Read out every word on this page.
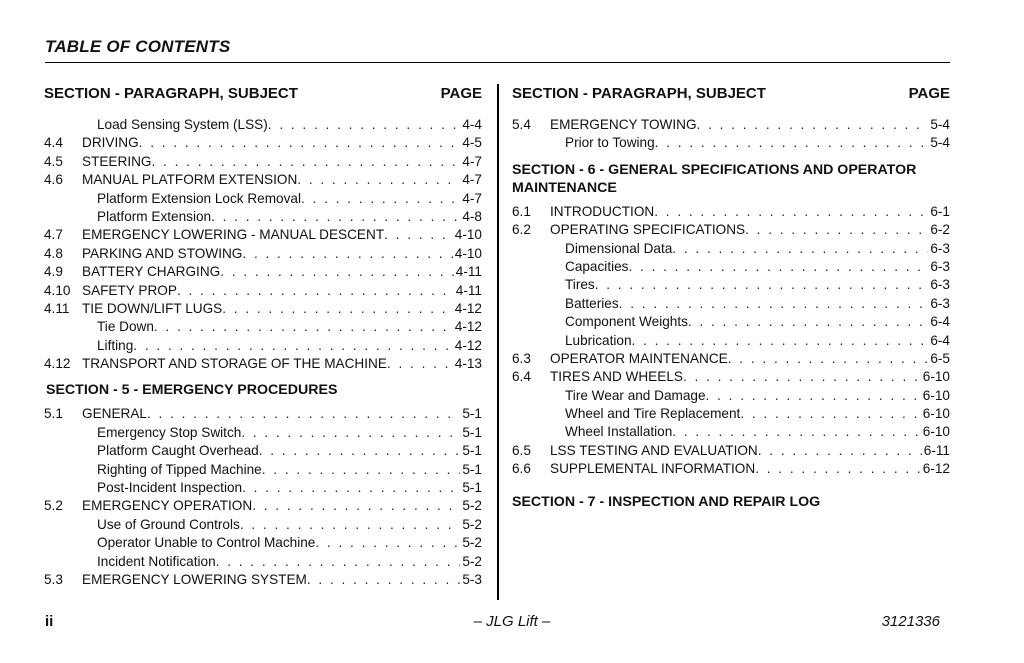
TABLE OF CONTENTS
SECTION - PARAGRAPH, SUBJECT	PAGE
Load Sensing System (LSS) . . .	4-4
4.4	DRIVING . . .	4-5
4.5	STEERING . . .	4-7
4.6	MANUAL PLATFORM EXTENSION . . .	4-7
Platform Extension Lock Removal . . .	4-7
Platform Extension . . .	4-8
4.7	EMERGENCY LOWERING - MANUAL DESCENT . . .	4-10
4.8	PARKING AND STOWING . . .	4-10
4.9	BATTERY CHARGING . . .	4-11
4.10 SAFETY PROP . . .	4-11
4.11 TIE DOWN/LIFT LUGS . . .	4-12
Tie Down . . .	4-12
Lifting . . .	4-12
4.12 TRANSPORT AND STORAGE OF THE MACHINE . . .	4-13
SECTION - 5 - EMERGENCY PROCEDURES
5.1	GENERAL . . .	5-1
Emergency Stop Switch . . .	5-1
Platform Caught Overhead . . .	5-1
Righting of Tipped Machine . . .	5-1
Post-Incident Inspection . . .	5-1
5.2	EMERGENCY OPERATION . . .	5-2
Use of Ground Controls . . .	5-2
Operator Unable to Control Machine . . .	5-2
Incident Notification . . .	5-2
5.3	EMERGENCY LOWERING SYSTEM . . .	5-3
SECTION - PARAGRAPH, SUBJECT	PAGE
5.4	EMERGENCY TOWING . . .	5-4
Prior to Towing . . .	5-4
SECTION - 6 - GENERAL SPECIFICATIONS AND OPERATOR
MAINTENANCE
6.1	INTRODUCTION . . .	6-1
6.2	OPERATING SPECIFICATIONS . . .	6-2
Dimensional Data . . .	6-3
Capacities . . .	6-3
Tires . . .	6-3
Batteries . . .	6-3
Component Weights . . .	6-4
Lubrication . . .	6-4
6.3	OPERATOR MAINTENANCE . . .	6-5
6.4	TIRES AND WHEELS . . .	6-10
Tire Wear and Damage . . .	6-10
Wheel and Tire Replacement . . .	6-10
Wheel Installation . . .	6-10
6.5	LSS TESTING AND EVALUATION . . .	6-11
6.6	SUPPLEMENTAL INFORMATION . . .	6-12
SECTION - 7 - INSPECTION AND REPAIR LOG
ii	– JLG Lift –	3121336
